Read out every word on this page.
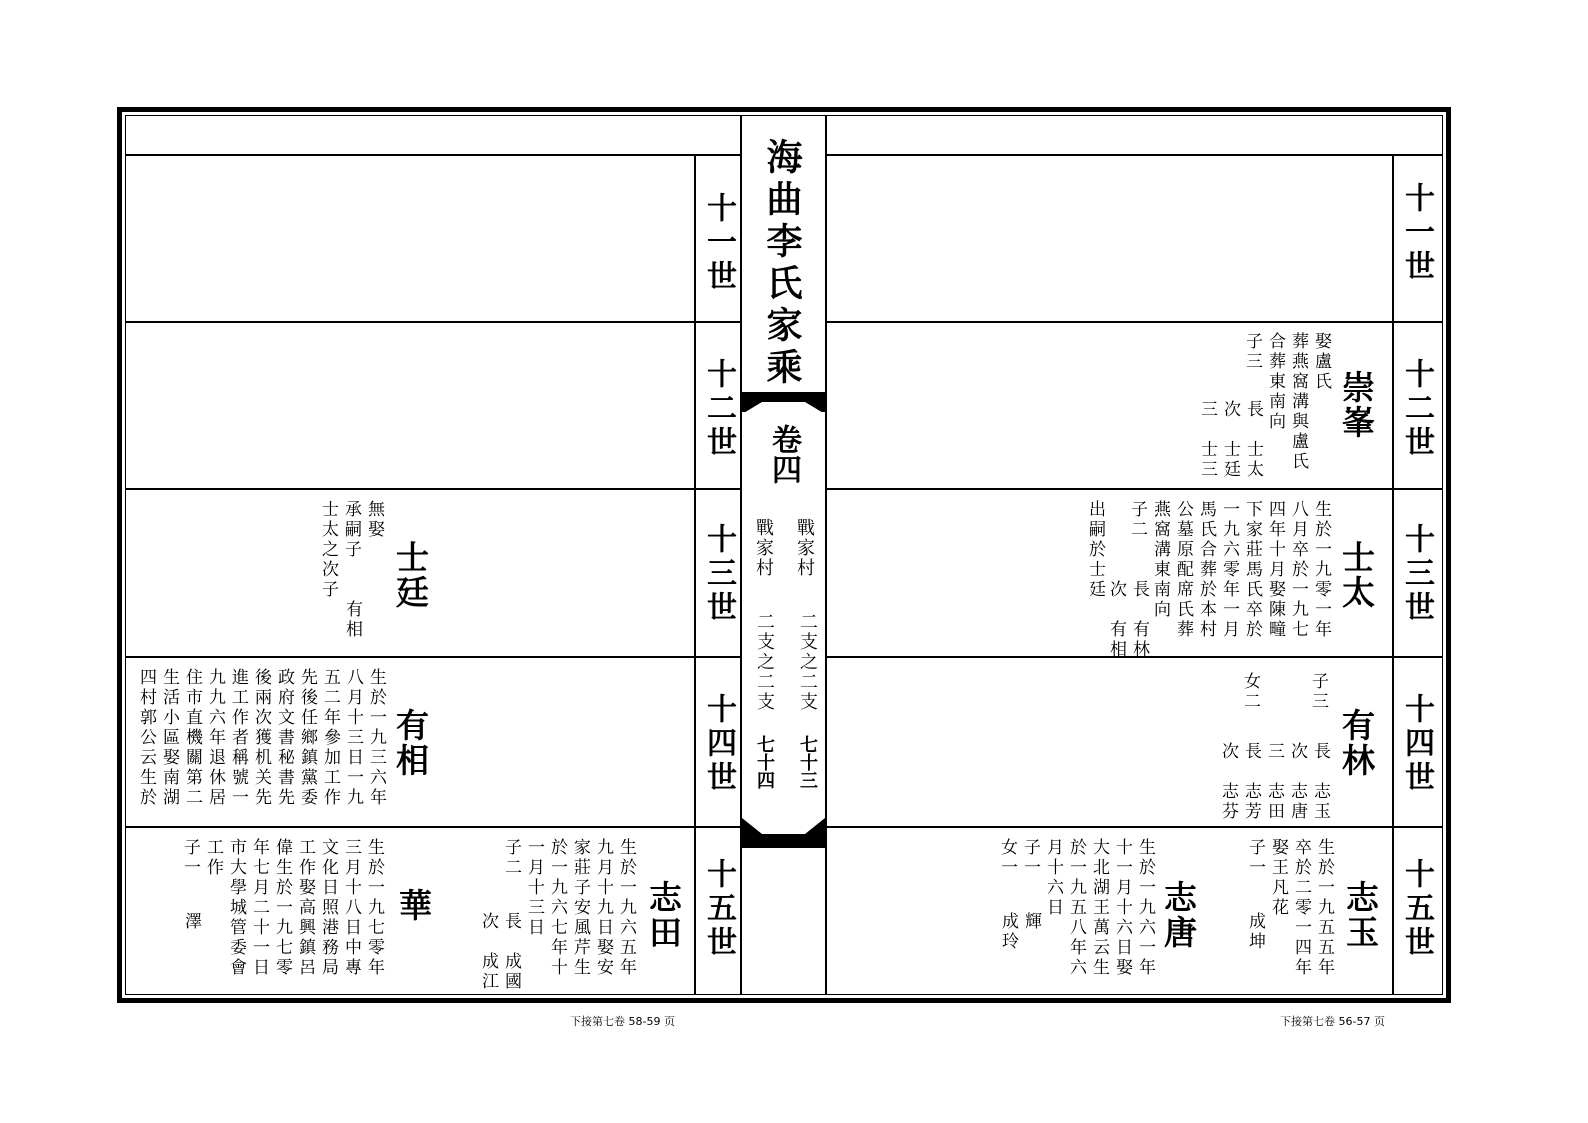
十一世
十二世
十三世
十四世
十五世
十一世
十二世
十三世
十四世
十五世
海曲李氏家乘
卷四
戰家村
戰家村
二支之二支
二支之二支
七十三
七十四
崇峯
娶盧氏
葬燕窩溝與盧氏
合葬東南向
子三
長　士太
次　士廷
三　士三
士太
生於一九零一年
八月卒於一九七
四年十月娶陳疃
下家莊馬氏卒於
一九六零年一月
馬氏合葬於本村
公墓原配席氏葬
燕窩溝東南向
子二
長　有林
次　有相
出嗣於士廷
有林
子三
長　志玉
次　志唐
三　志田
女二
長　志芳
次　志芬
志玉
生於一九五五年
卒於二零一四年
娶王凡花
子一
成坤
志唐
生於一九六一年
十一月十六日娶
大北湖王萬云生
於一九五八年六
月十六日
子一
女一
輝
成玲
士廷
無娶
承嗣子
士太之次子
有相
有相
生於一九三六年
八月十三日一九
五二年參加工作
先後任鄉鎮黨委
政府文書秘書先
後兩次獲机关先
進工作者稱號一
九九六年退休居
住市直機關第二
生活小區娶南湖
四村郭公云生於
志田
生於一九六五年
九月十九日娶安
家莊子安風芹生
於一九六七年十
一月十三日
子二
長　成國
次　成江
華
生於一九七零年
三月十八日中專
文化日照港務局
工作娶高興鎮呂
偉生於一九七零
年七月二十一日
市大學城管委會
工作
子一
澤
下接第七卷 58-59 页	下接第七卷 56-57 页
